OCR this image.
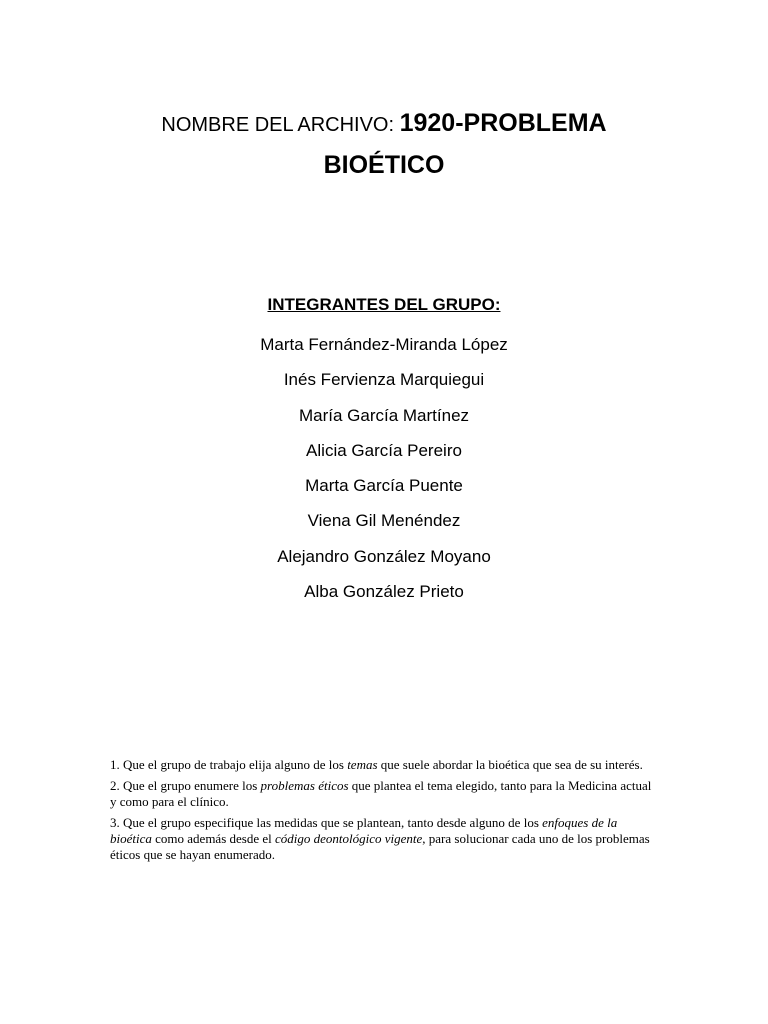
NOMBRE DEL ARCHIVO: 1920-PROBLEMA
BIOÉTICO
INTEGRANTES DEL GRUPO:
Marta Fernández-Miranda López
Inés Fervienza Marquiegui
María García Martínez
Alicia García Pereiro
Marta García Puente
Viena Gil Menéndez
Alejandro González Moyano
Alba González Prieto

1. Que el grupo de trabajo elija alguno de los temas que suele abordar la bioética que sea de su interés.

2. Que el grupo enumere los problemas éticos que plantea el tema elegido, tanto para la Medicina actual y como para el clínico.

3. Que el grupo especifique las medidas que se plantean, tanto desde alguno de los enfoques de la bioética como además desde el código deontológico vigente, para solucionar cada uno de los problemas éticos que se hayan enumerado.
